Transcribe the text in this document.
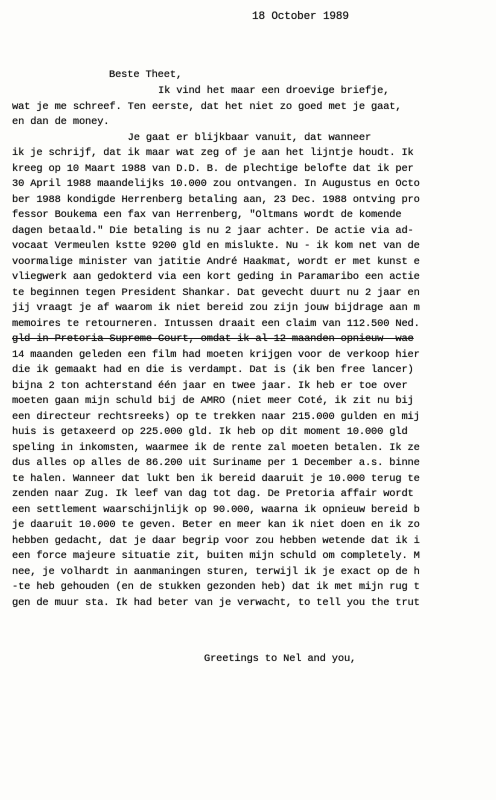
18 October 1989
Beste Theet,
Ik vind het maar een droevige briefje,
wat je me schreef. Ten eerste, dat het niet zo goed met je gaat,
en dan de money.
Je gaat er blijkbaar vanuit, dat wanneer
ik je schrijf, dat ik maar wat zeg of je aan het lijntje houdt. Ik
kreeg op 10 Maart 1988 van D.D. B. de plechtige belofte dat ik per
30 April 1988 maandelijks 10.000 zou ontvangen. In Augustus en Octo
ber 1988 kondigde Herrenberg betaling aan, 23 Dec. 1988 ontving pro
fessor Boukema een fax van Herrenberg, "Oltmans wordt de komende
dagen betaald." Die betaling is nu 2 jaar achter. De actie via ad-
vocaat Vermeulen kstte 9200 gld en mislukte. Nu - ik kom net van de
voormalige minister van jatitie André Haakmat, wordt er met kunst e
vliegwerk aan gedokterd via een kort geding in Paramaribo een actie
te beginnen tegen President Shankar. Dat gevecht duurt nu 2 jaar en
jij vraagt je af waarom ik niet bereid zou zijn jouw bijdrage aan m
memoires te retourneren. Intussen draait een claim van 112.500 Ned.
gld in Pretoria Supreme Court, omdat ik al 12 maanden opnieuw  wae
14 maanden geleden een film had moeten krijgen voor de verkoop hier
die ik gemaakt had en die is verdampt. Dat is (ik ben free lancer)
bijna 2 ton achterstand één jaar en twee jaar. Ik heb er toe over
moeten gaan mijn schuld bij de AMRO (niet meer Coté, ik zit nu bij
een directeur rechtsreeks) op te trekken naar 215.000 gulden en mij
huis is getaxeerd op 225.000 gld. Ik heb op dit moment 10.000 gld
speling in inkomsten, waarmee ik de rente zal moeten betalen. Ik ze
dus alles op alles de 86.200 uit Suriname per 1 December a.s. binne
te halen. Wanneer dat lukt ben ik bereid daaruit je 10.000 terug te
zenden naar Zug. Ik leef van dag tot dag. De Pretoria affair wordt
een settlement waarschijnlijk op 90.000, waarna ik opnieuw bereid b
je daaruit 10.000 te geven. Beter en meer kan ik niet doen en ik zo
hebben gedacht, dat je daar begrip voor zou hebben wetende dat ik i
een force majeure situatie zit, buiten mijn schuld om completely. M
nee, je volhardt in aanmaningen sturen, terwijl ik je exact op de h
-te heb gehouden (en de stukken gezonden heb) dat ik met mijn rug t
gen de muur sta. Ik had beter van je verwacht, to tell you the trut
Greetings to Nel and you,
